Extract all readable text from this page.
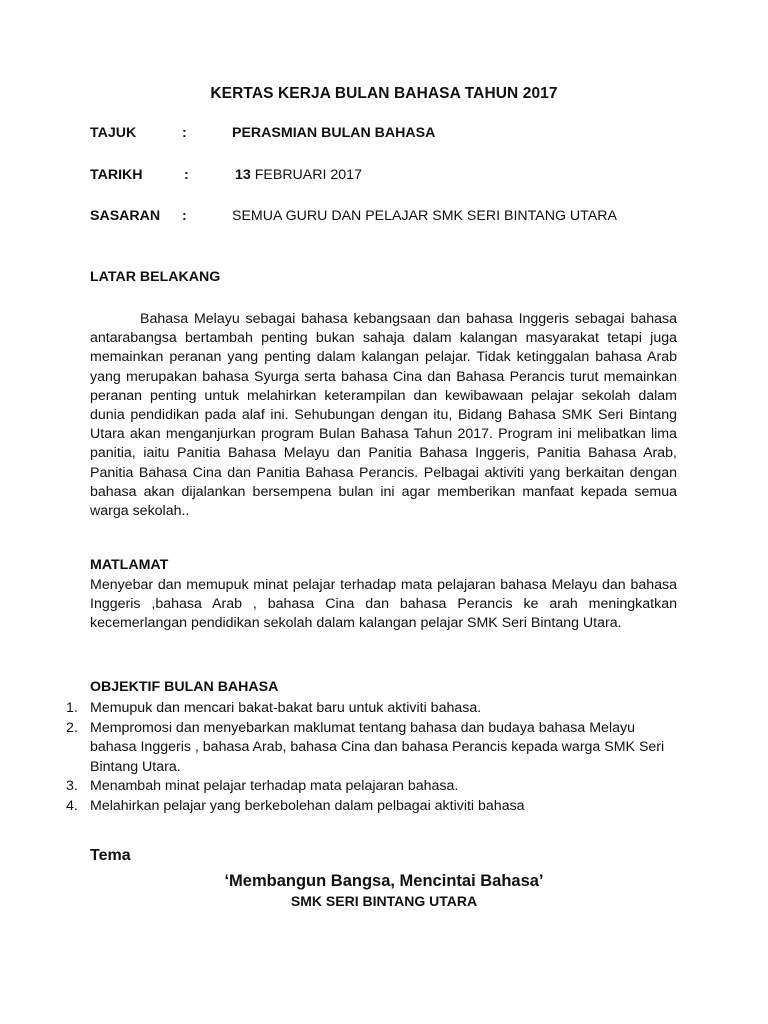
KERTAS KERJA BULAN BAHASA TAHUN 2017
TAJUK	:	PERASMIAN BULAN BAHASA
TARIKH	:	13 FEBRUARI 2017
SASARAN :	SEMUA GURU DAN PELAJAR SMK SERI BINTANG UTARA
LATAR BELAKANG

Bahasa Melayu sebagai bahasa kebangsaan dan bahasa Inggeris sebagai bahasa antarabangsa bertambah penting bukan sahaja dalam kalangan masyarakat tetapi juga memainkan peranan yang penting dalam kalangan pelajar. Tidak ketinggalan bahasa Arab yang merupakan bahasa Syurga serta bahasa Cina dan Bahasa Perancis turut memainkan peranan penting untuk melahirkan keterampilan dan kewibawaan pelajar sekolah dalam dunia pendidikan pada alaf ini. Sehubungan dengan itu, Bidang Bahasa SMK Seri Bintang Utara akan menganjurkan program Bulan Bahasa Tahun 2017. Program ini melibatkan lima panitia, iaitu Panitia Bahasa Melayu dan Panitia Bahasa Inggeris, Panitia Bahasa Arab, Panitia Bahasa Cina dan Panitia Bahasa Perancis. Pelbagai aktiviti yang berkaitan dengan bahasa akan dijalankan bersempena bulan ini agar memberikan manfaat kepada semua warga sekolah..

MATLAMAT

Menyebar dan memupuk minat pelajar terhadap mata pelajaran bahasa Melayu dan bahasa Inggeris ,bahasa Arab , bahasa Cina dan bahasa Perancis ke arah meningkatkan kecemerlangan pendidikan sekolah dalam kalangan pelajar SMK Seri Bintang Utara.

OBJEKTIF BULAN BAHASA
1. Memupuk dan mencari bakat-bakat baru untuk aktiviti bahasa.
2. Mempromosi dan menyebarkan maklumat tentang bahasa dan budaya bahasa Melayu bahasa Inggeris , bahasa Arab, bahasa Cina dan bahasa Perancis kepada warga SMK Seri Bintang Utara.
3. Menambah minat pelajar terhadap mata pelajaran bahasa.
4. Melahirkan pelajar yang berkebolehan dalam pelbagai aktiviti bahasa
Tema
‘Membangun Bangsa, Mencintai Bahasa’
SMK SERI BINTANG UTARA
